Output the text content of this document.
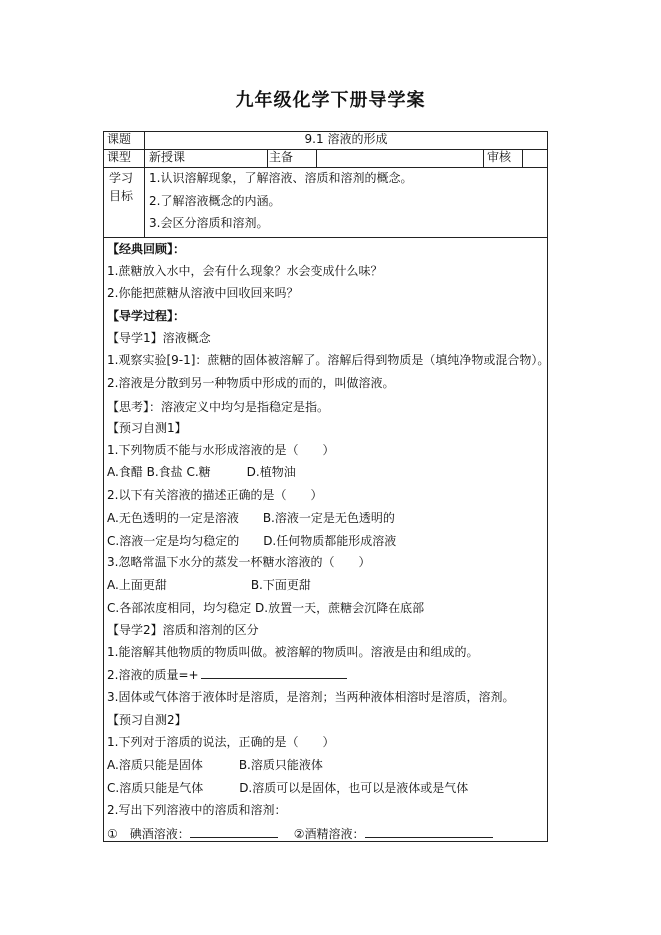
九年级化学下册导学案
课题	9.1 溶液的形成
课型 新授课	主备	审核
学习
目标
1.认识溶解现象，了解溶液、溶质和溶剂的概念。
2.了解溶液概念的内涵。
3.会区分溶质和溶剂。
【经典回顾】：
1.蔗糖放入水中，会有什么现象？水会变成什么味？
2.你能把蔗糖从溶液中回收回来吗？
【导学过程】：
【导学1】溶液概念
1.观察实验[9-1]：蔗糖的固体被溶解了。溶解后得到物质是（填纯净物或混合物）。
2.溶液是分散到另一种物质中形成的而的，叫做溶液。
【思考】：溶液定义中均匀是指稳定是指。
【预习自测1】
1.下列物质不能与水形成溶液的是（　　）
A.食醋 B.食盐 C.糖　　　D.植物油
2.以下有关溶液的描述正确的是（　　）
A.无色透明的一定是溶液　　B.溶液一定是无色透明的
C.溶液一定是均匀稳定的　　D.任何物质都能形成溶液
3.忽略常温下水分的蒸发一杯糖水溶液的（　　）
A.上面更甜　　　　　　　B.下面更甜
C.各部浓度相同，均匀稳定 D.放置一天，蔗糖会沉降在底部
【导学2】溶质和溶剂的区分
1.能溶解其他物质的物质叫做。被溶解的物质叫。溶液是由和组成的。
2.溶液的质量=+
3.固体或气体溶于液体时是溶质，是溶剂；当两种液体相溶时是溶质，溶剂。
【预习自测2】
1.下列对于溶质的说法，正确的是（　　）
A.溶质只能是固体　　　B.溶质只能液体
C.溶质只能是气体　　　D.溶质可以是固体，也可以是液体或是气体
2.写出下列溶液中的溶质和溶剂：
①　碘酒溶液：	②酒精溶液：
